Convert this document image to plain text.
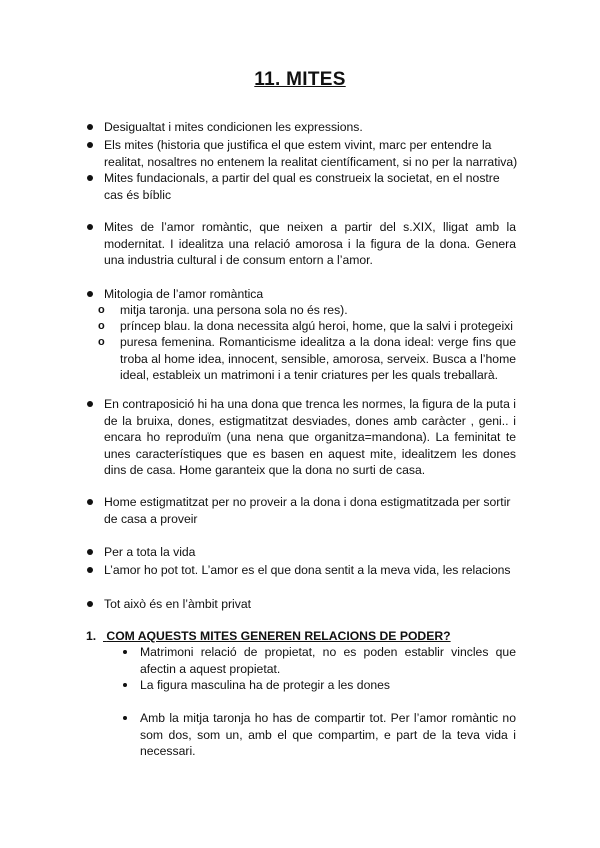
11. MITES
Desigualtat i mites condicionen les expressions.
Els mites (historia que justifica el que estem vivint, marc per entendre la
realitat, nosaltres no entenem la realitat científicament, si no per la narrativa)
Mites fundacionals, a partir del qual es construeix la societat, en el nostre
cas és bíblic
Mites de l’amor romàntic, que neixen a partir del s.XIX, lligat amb la
modernitat. I idealitza una relació amorosa i la figura de la dona. Genera
una industria cultural i de consum entorn a l’amor.
Mitologia de l’amor romàntica
o mitja taronja. una persona sola no és res).
o príncep blau. la dona necessita algú heroi, home, que la salvi i protegeixi
o puresa femenina. Romanticisme idealitza a la dona ideal: verge fins que
troba al home idea, innocent, sensible, amorosa, serveix. Busca a l’home
ideal, estableix un matrimoni i a tenir criatures per les quals treballarà.
En contraposició hi ha una dona que trenca les normes, la figura de la puta i
de la bruixa, dones, estigmatitzat desviades, dones amb caràcter , geni.. i
encara ho reproduïm (una nena que organitza=mandona). La feminitat te
unes característiques que es basen en aquest mite, idealitzem les dones
dins de casa. Home garanteix que la dona no surti de casa.
Home estigmatitzat per no proveir a la dona i dona estigmatitzada per sortir
de casa a proveir
Per a tota la vida
L’amor ho pot tot. L’amor es el que dona sentit a la meva vida, les relacions
Tot això és en l’àmbit privat
1. COM AQUESTS MITES GENEREN RELACIONS DE PODER?
Matrimoni relació de propietat, no es poden establir vincles que
afectin a aquest propietat.
La figura masculina ha de protegir a les dones
Amb la mitja taronja ho has de compartir tot. Per l’amor romàntic no
som dos, som un, amb el que compartim, e part de la teva vida i
necessari.
